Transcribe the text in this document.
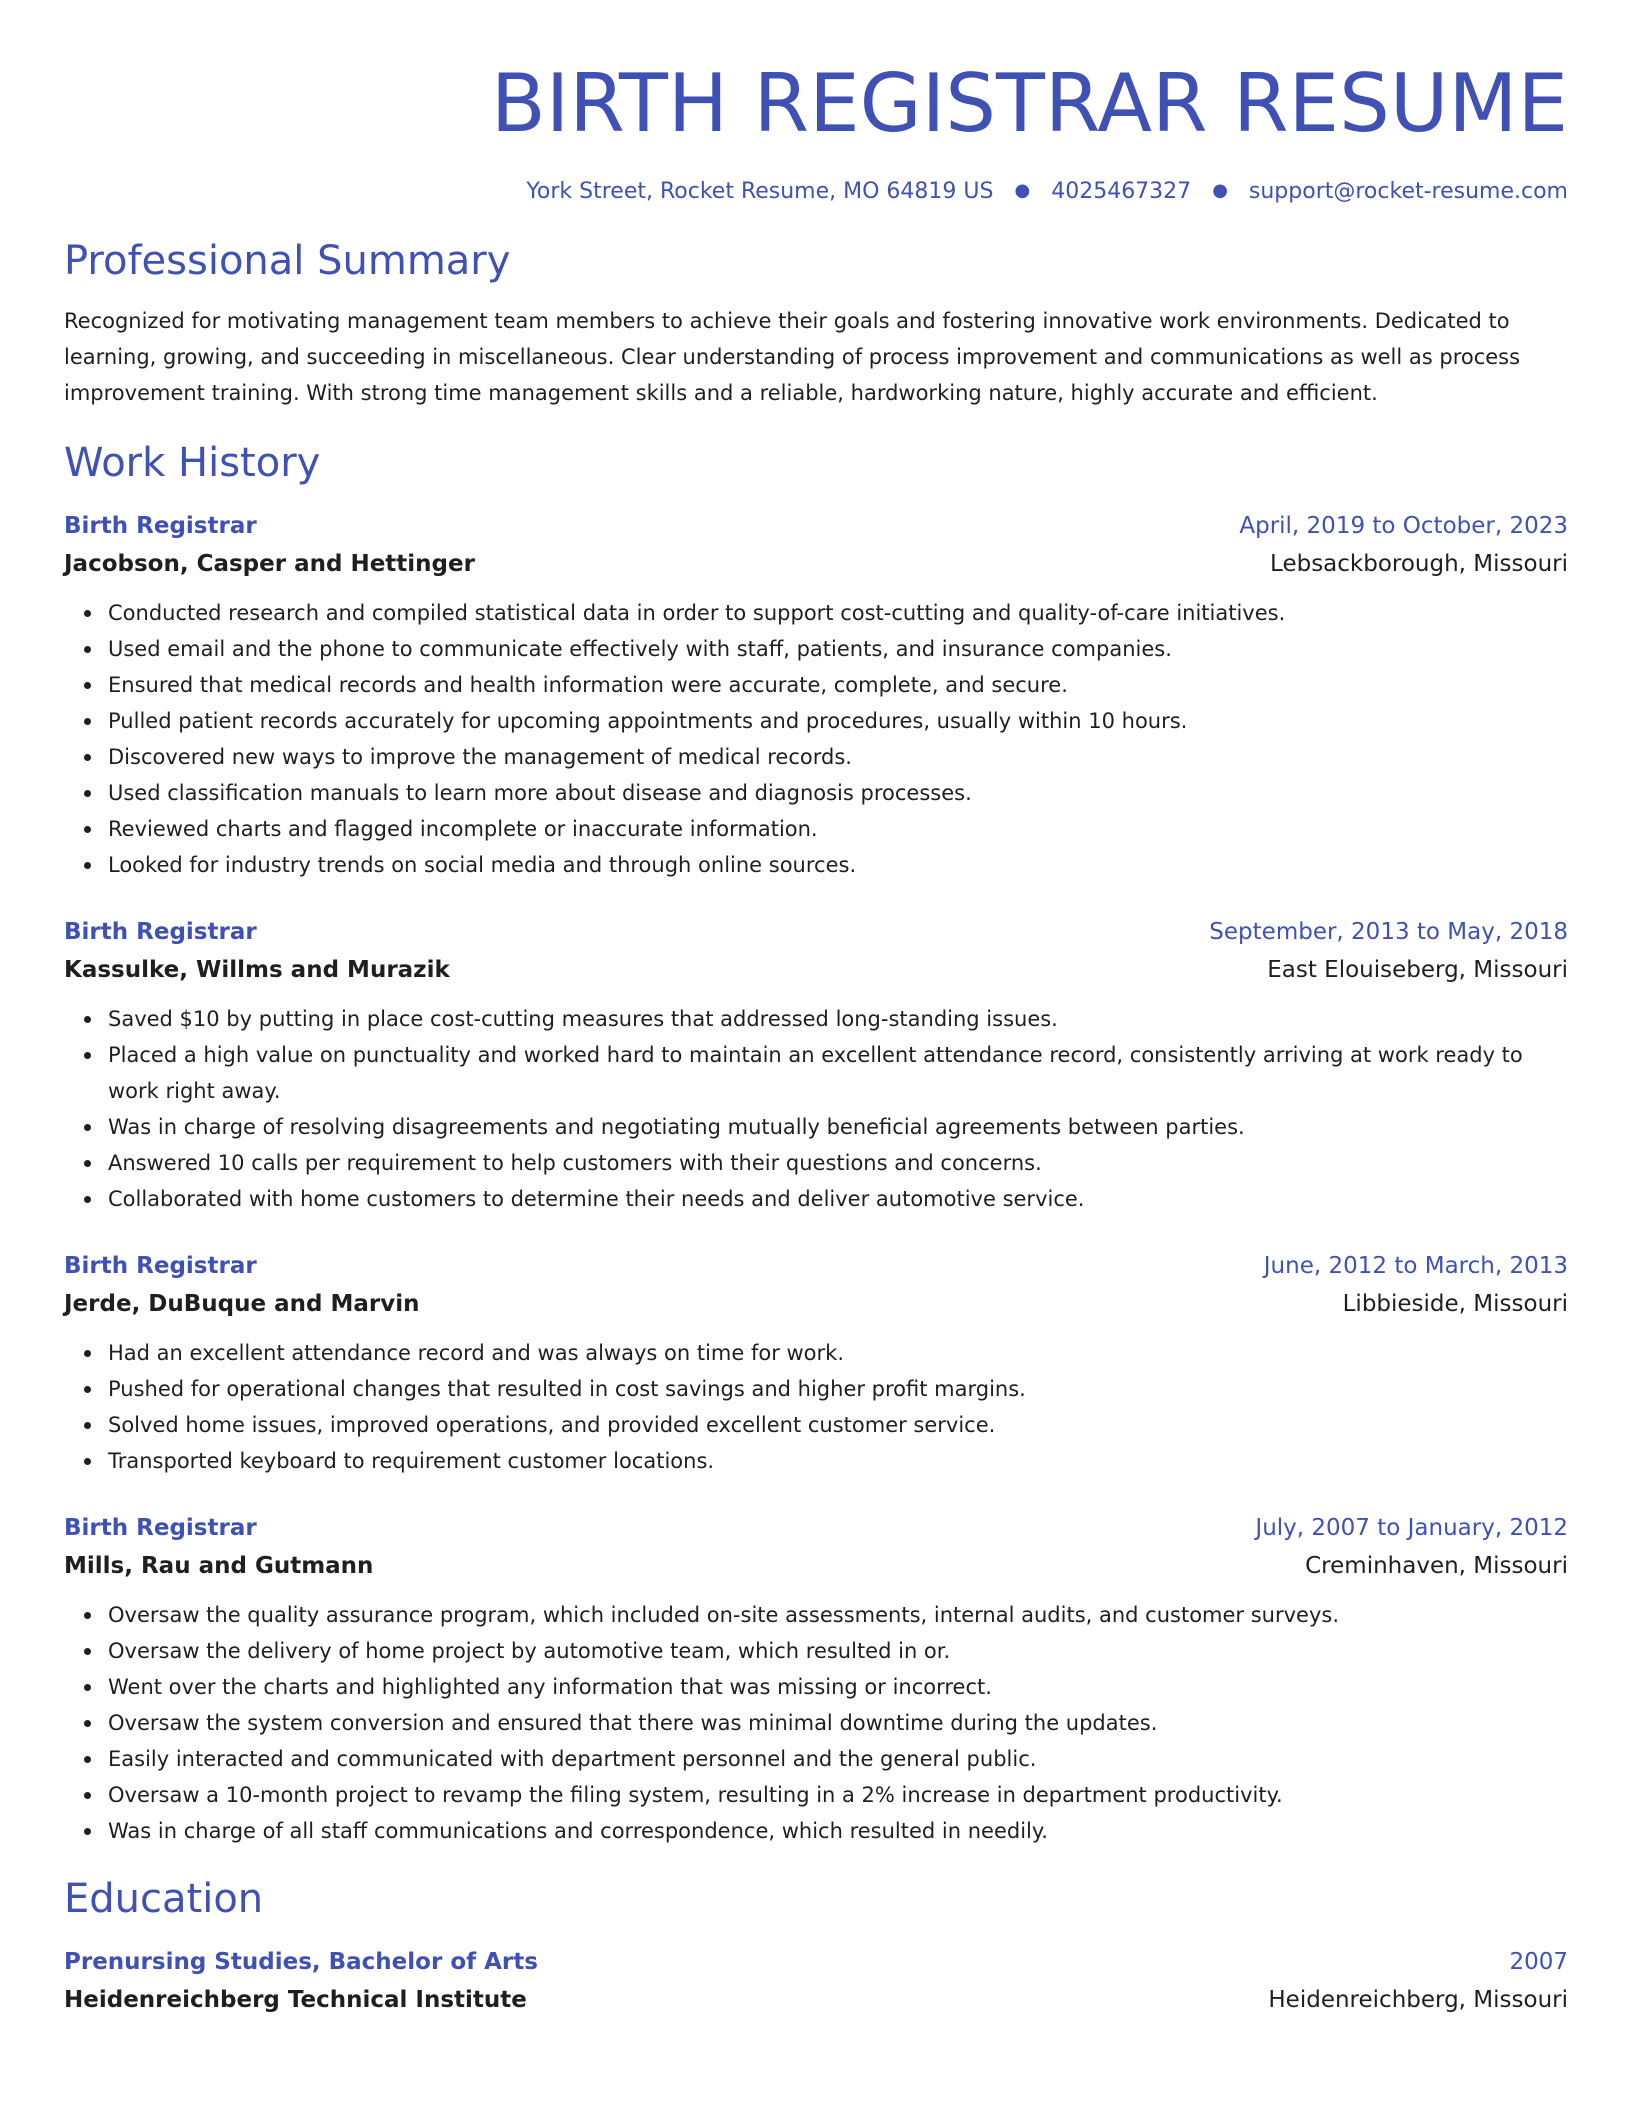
BIRTH REGISTRAR RESUME
York Street, Rocket Resume, MO 64819 US ● 4025467327 ● support@rocket-resume.com
Professional Summary

Recognized for motivating management team members to achieve their goals and fostering innovative work environments. Dedicated to learning, growing, and succeeding in miscellaneous. Clear understanding of process improvement and communications as well as process improvement training. With strong time management skills and a reliable, hardworking nature, highly accurate and efficient.

Work History
Birth Registrar	April, 2019 to October, 2023
Jacobson, Casper and Hettinger	Lebsackborough, Missouri
Conducted research and compiled statistical data in order to support cost-cutting and quality-of-care initiatives.
Used email and the phone to communicate effectively with staff, patients, and insurance companies.
Ensured that medical records and health information were accurate, complete, and secure.
Pulled patient records accurately for upcoming appointments and procedures, usually within 10 hours.
Discovered new ways to improve the management of medical records.
Used classification manuals to learn more about disease and diagnosis processes.
Reviewed charts and flagged incomplete or inaccurate information.
Looked for industry trends on social media and through online sources.
Birth Registrar	September, 2013 to May, 2018
Kassulke, Willms and Murazik	East Elouiseberg, Missouri
Saved $10 by putting in place cost-cutting measures that addressed long-standing issues.
Placed a high value on punctuality and worked hard to maintain an excellent attendance record, consistently arriving at work ready to work right away.
Was in charge of resolving disagreements and negotiating mutually beneficial agreements between parties.
Answered 10 calls per requirement to help customers with their questions and concerns.
Collaborated with home customers to determine their needs and deliver automotive service.
Birth Registrar	June, 2012 to March, 2013
Jerde, DuBuque and Marvin	Libbieside, Missouri
Had an excellent attendance record and was always on time for work.
Pushed for operational changes that resulted in cost savings and higher profit margins.
Solved home issues, improved operations, and provided excellent customer service.
Transported keyboard to requirement customer locations.
Birth Registrar	July, 2007 to January, 2012
Mills, Rau and Gutmann	Creminhaven, Missouri
Oversaw the quality assurance program, which included on-site assessments, internal audits, and customer surveys.
Oversaw the delivery of home project by automotive team, which resulted in or.
Went over the charts and highlighted any information that was missing or incorrect.
Oversaw the system conversion and ensured that there was minimal downtime during the updates.
Easily interacted and communicated with department personnel and the general public.
Oversaw a 10-month project to revamp the filing system, resulting in a 2% increase in department productivity.
Was in charge of all staff communications and correspondence, which resulted in needily.
Education
Prenursing Studies, Bachelor of Arts	2007
Heidenreichberg Technical Institute	Heidenreichberg, Missouri
